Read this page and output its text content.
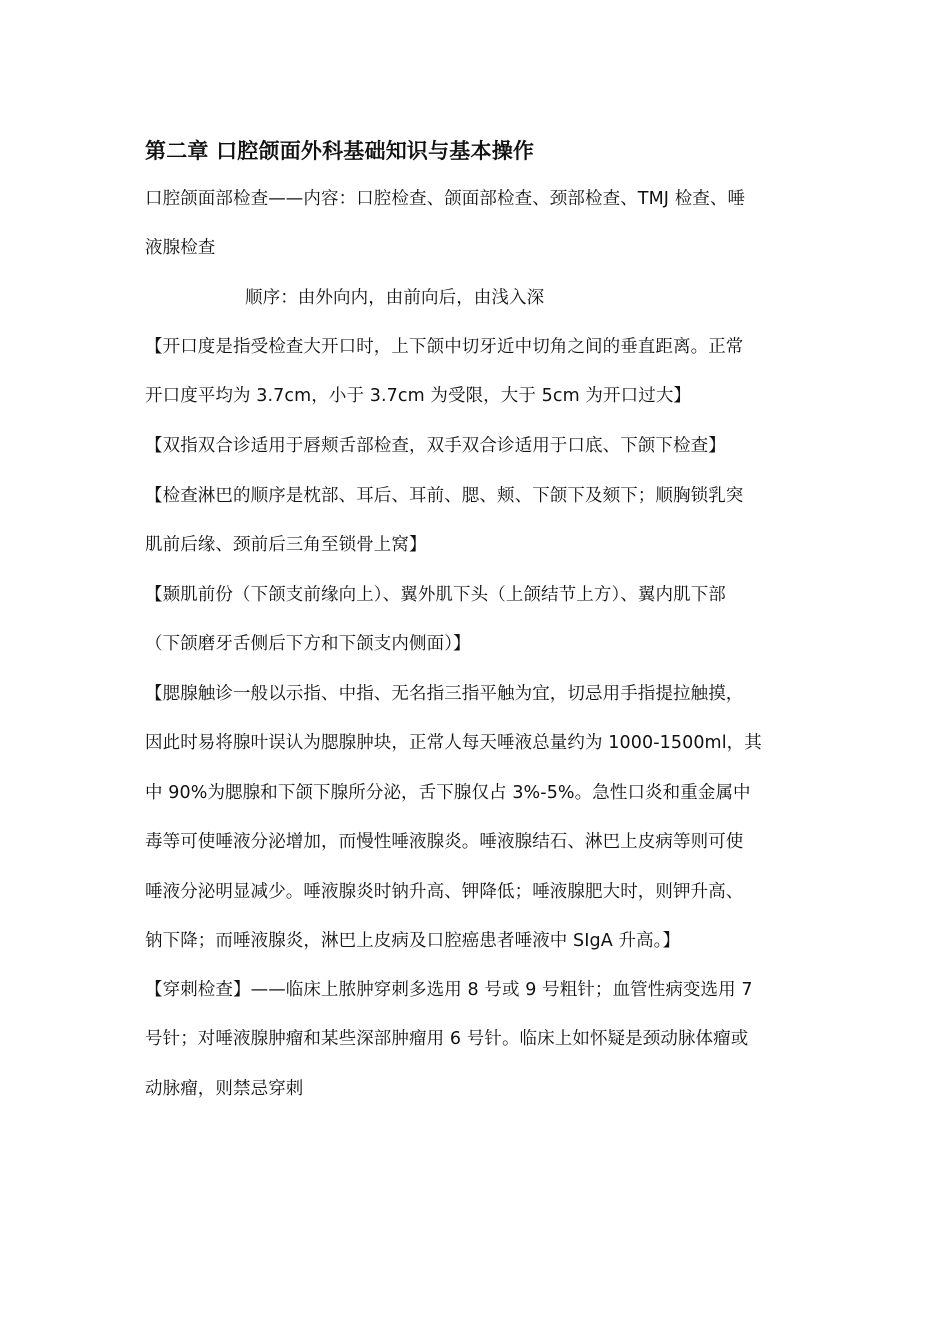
第二章 口腔颌面外科基础知识与基本操作
口腔颌面部检查——内容：口腔检查、颌面部检查、颈部检查、TMJ 检查、唾
液腺检查
顺序：由外向内，由前向后，由浅入深
【开口度是指受检查大开口时，上下颌中切牙近中切角之间的垂直距离。正常
开口度平均为 3.7cm，小于 3.7cm 为受限，大于 5cm 为开口过大】
【双指双合诊适用于唇颊舌部检查，双手双合诊适用于口底、下颌下检查】
【检查淋巴的顺序是枕部、耳后、耳前、腮、颊、下颌下及颏下；顺胸锁乳突
肌前后缘、颈前后三角至锁骨上窝】
【颞肌前份（下颌支前缘向上）、翼外肌下头（上颌结节上方）、翼内肌下部
（下颌磨牙舌侧后下方和下颌支内侧面）】
【腮腺触诊一般以示指、中指、无名指三指平触为宜，切忌用手指提拉触摸，
因此时易将腺叶误认为腮腺肿块，正常人每天唾液总量约为 1000-1500ml，其
中 90%为腮腺和下颌下腺所分泌，舌下腺仅占 3%-5%。急性口炎和重金属中
毒等可使唾液分泌增加，而慢性唾液腺炎。唾液腺结石、淋巴上皮病等则可使
唾液分泌明显减少。唾液腺炎时钠升高、钾降低；唾液腺肥大时，则钾升高、
钠下降；而唾液腺炎，淋巴上皮病及口腔癌患者唾液中 SIgA 升高。】
【穿刺检查】——临床上脓肿穿刺多选用 8 号或 9 号粗针；血管性病变选用 7
号针；对唾液腺肿瘤和某些深部肿瘤用 6 号针。临床上如怀疑是颈动脉体瘤或
动脉瘤，则禁忌穿刺
